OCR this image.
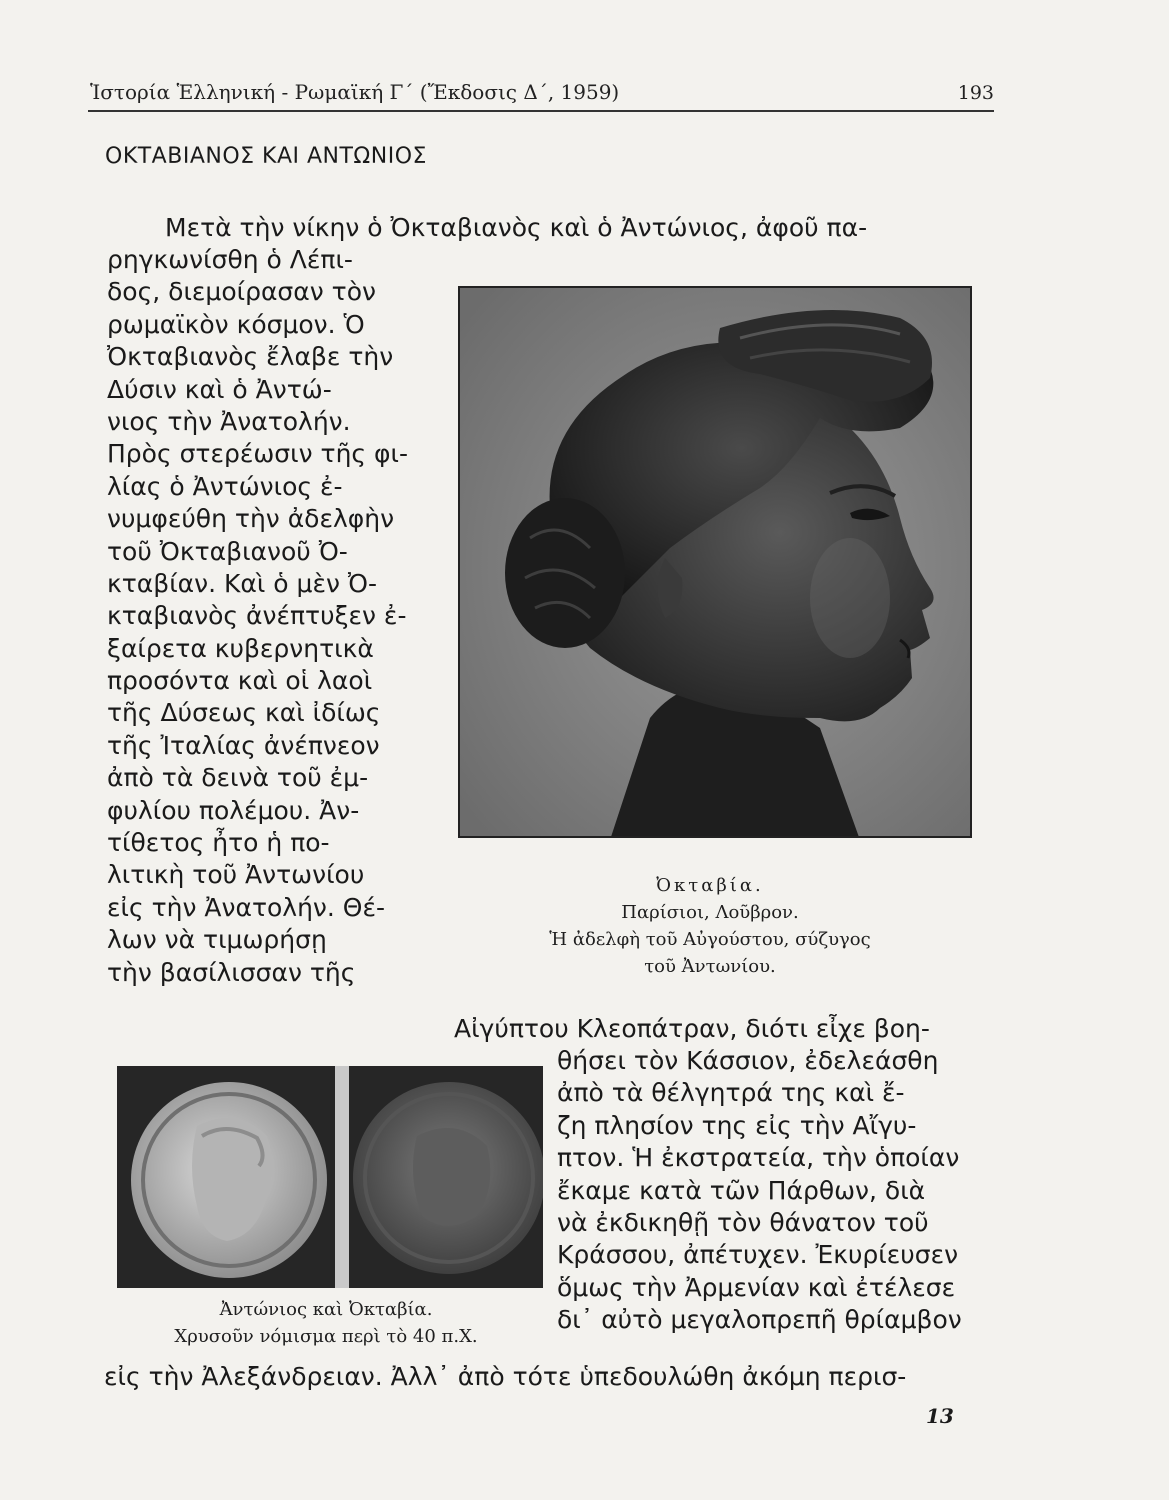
Ἱστορία Ἑλληνική - Ρωμαϊκή Γ΄ (Ἔκδοσις Δ΄, 1959)	193
ΟΚΤΑΒΙΑΝΟΣ ΚΑΙ ΑΝΤΩΝΙΟΣ
Μετὰ τὴν νίκην ὁ Ὀκταβιανὸς καὶ ὁ Ἀντώνιος, ἀφοῦ πα-
ρηγκωνίσθη ὁ Λέπι-
δος, διεμοίρασαν τὸν
ρωμαϊκὸν κόσμον. Ὁ
Ὀκταβιανὸς ἔλαβε τὴν
Δύσιν καὶ ὁ Ἀντώ-
νιος τὴν Ἀνατολήν.
Πρὸς στερέωσιν τῆς φι-
λίας ὁ Ἀντώνιος ἐ-
νυμφεύθη τὴν ἀδελφὴν
τοῦ Ὀκταβιανοῦ Ὀ-
κταβίαν. Καὶ ὁ μὲν Ὀ-
κταβιανὸς ἀνέπτυξεν ἐ-
ξαίρετα κυβερνητικὰ
προσόντα καὶ οἱ λαοὶ
τῆς Δύσεως καὶ ἰδίως
τῆς Ἰταλίας ἀνέπνεον
ἀπὸ τὰ δεινὰ τοῦ ἐμ-
φυλίου πολέμου. Ἀν-
τίθετος ἦτο ἡ πο-
λιτικὴ τοῦ Ἀντωνίου
εἰς τὴν Ἀνατολήν. Θέ-
λων νὰ τιμωρήσῃ
τὴν βασίλισσαν τῆς
Ὀκταβία.
Παρίσιοι, Λοῦβρον.
Ἡ ἀδελφὴ τοῦ Αὐγούστου, σύζυγος
τοῦ Ἀντωνίου.
Αἰγύπτου Κλεοπάτραν, διότι εἶχε βοη-
Ἀντώνιος καὶ Ὀκταβία.
Χρυσοῦν νόμισμα περὶ τὸ 40 π.Χ.
θήσει τὸν Κάσσιον, ἐδελεάσθη
ἀπὸ τὰ θέλγητρά της καὶ ἔ-
ζη πλησίον της εἰς τὴν Αἴγυ-
πτον. Ἡ ἐκστρατεία, τὴν ὁποίαν
ἔκαμε κατὰ τῶν Πάρθων, διὰ
νὰ ἐκδικηθῇ τὸν θάνατον τοῦ
Κράσσου, ἀπέτυχεν. Ἐκυρίευσεν
ὅμως τὴν Ἀρμενίαν καὶ ἐτέλεσε
δι᾽ αὐτὸ μεγαλοπρεπῆ θρίαμβον
εἰς τὴν Ἀλεξάνδρειαν. Ἀλλ᾽ ἀπὸ τότε ὑπεδουλώθη ἀκόμη περισ-
13
